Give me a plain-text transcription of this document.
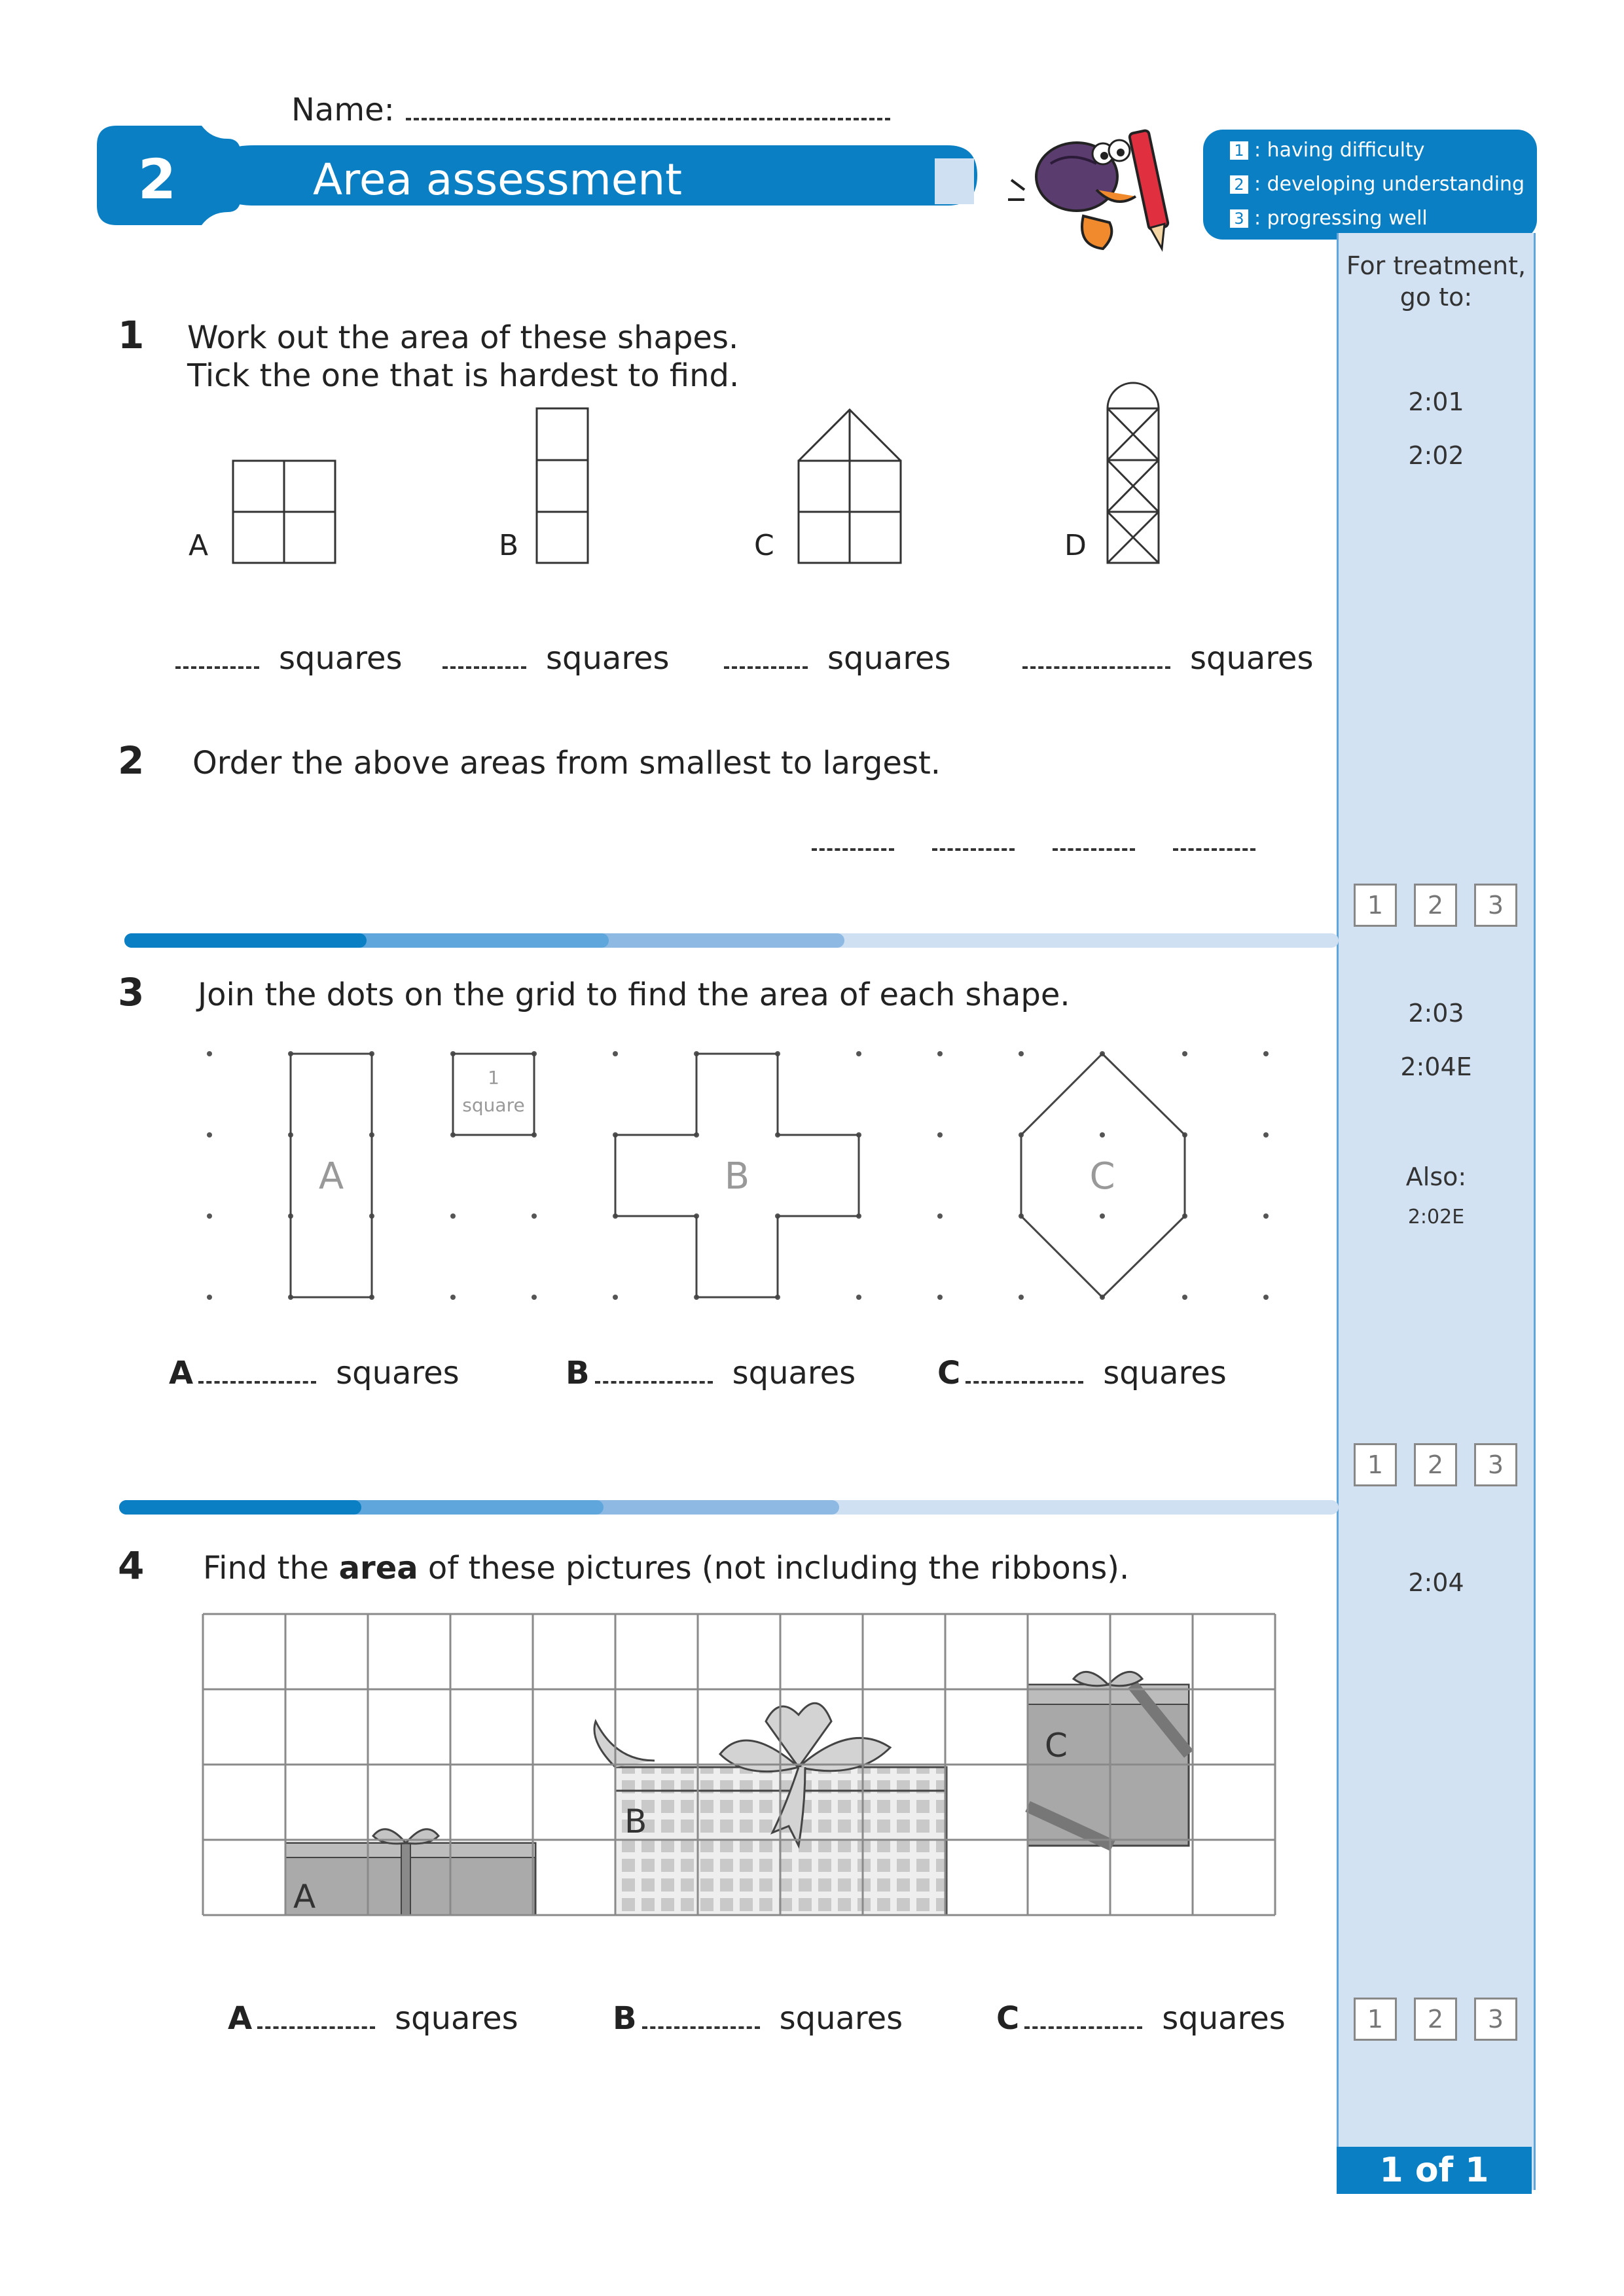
Name:
2	Area assessment
1 : having difficulty
2 : developing understanding
3 : progressing well
For treatment,
go to:
2:01
2:02
2:03
2:04E
Also:
2:02E
2:04
1	2	3
1	2	3
1	2	3
1 of 1
1 Work out the area of these shapes.
Tick the one that is hardest to find.
A	B	C	D
squares	squares	squares	squares
2 Order the above areas from smallest to largest.
3 Join the dots on the grid to find the area of each shape.
1
square
A	B	C
A	squares	B	squares	C	squares
4 Find the area of these pictures (not including the ribbons).
A
B
C
A	squares	B	squares	C	squares
